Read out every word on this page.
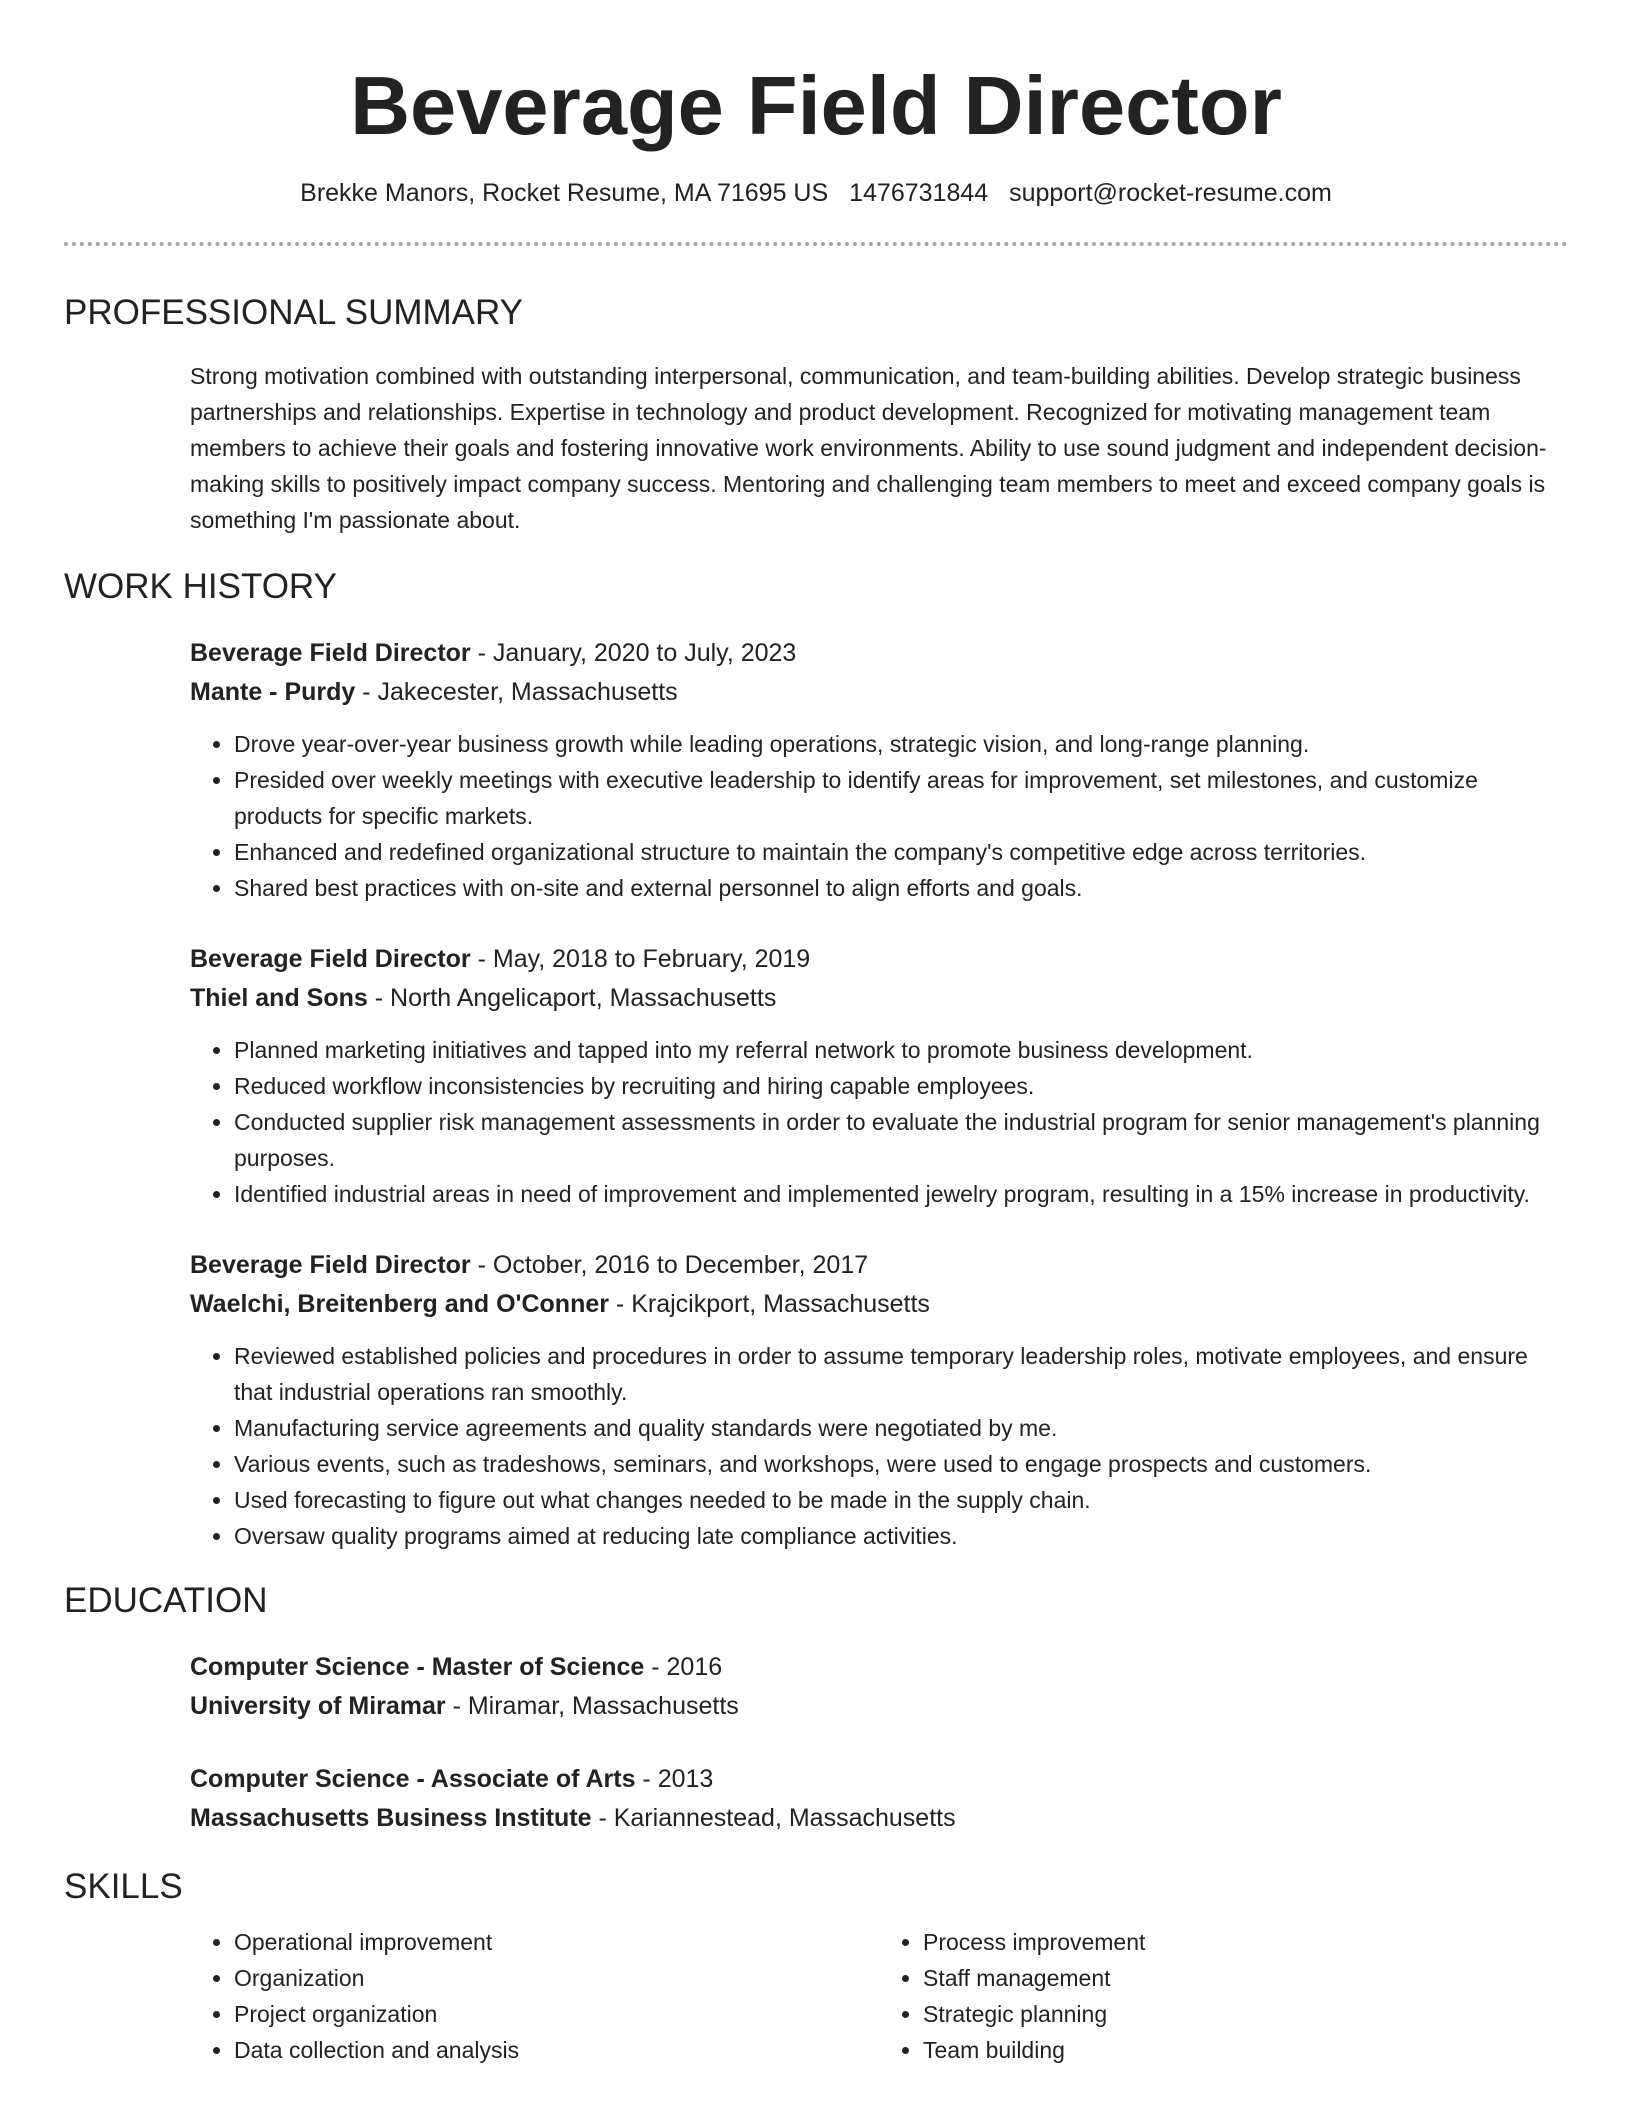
Beverage Field Director
Brekke Manors, Rocket Resume, MA 71695 US 1476731844 support@rocket-resume.com
PROFESSIONAL SUMMARY
Strong motivation combined with outstanding interpersonal, communication, and team-building abilities. Develop strategic business partnerships and relationships. Expertise in technology and product development. Recognized for motivating management team members to achieve their goals and fostering innovative work environments. Ability to use sound judgment and independent decision-making skills to positively impact company success. Mentoring and challenging team members to meet and exceed company goals is something I'm passionate about.
WORK HISTORY
Beverage Field Director - January, 2020 to July, 2023
Mante - Purdy - Jakecester, Massachusetts
• Drove year-over-year business growth while leading operations, strategic vision, and long-range planning.
• Presided over weekly meetings with executive leadership to identify areas for improvement, set milestones, and customize products for specific markets.
• Enhanced and redefined organizational structure to maintain the company's competitive edge across territories.
• Shared best practices with on-site and external personnel to align efforts and goals.
Beverage Field Director - May, 2018 to February, 2019
Thiel and Sons - North Angelicaport, Massachusetts
• Planned marketing initiatives and tapped into my referral network to promote business development.
• Reduced workflow inconsistencies by recruiting and hiring capable employees.
• Conducted supplier risk management assessments in order to evaluate the industrial program for senior management's planning purposes.
• Identified industrial areas in need of improvement and implemented jewelry program, resulting in a 15% increase in productivity.
Beverage Field Director - October, 2016 to December, 2017
Waelchi, Breitenberg and O'Conner - Krajcikport, Massachusetts
• Reviewed established policies and procedures in order to assume temporary leadership roles, motivate employees, and ensure that industrial operations ran smoothly.
• Manufacturing service agreements and quality standards were negotiated by me.
• Various events, such as tradeshows, seminars, and workshops, were used to engage prospects and customers.
• Used forecasting to figure out what changes needed to be made in the supply chain.
• Oversaw quality programs aimed at reducing late compliance activities.
EDUCATION
Computer Science - Master of Science - 2016
University of Miramar - Miramar, Massachusetts
Computer Science - Associate of Arts - 2013
Massachusetts Business Institute - Kariannestead, Massachusetts
SKILLS
• Operational improvement
• Organization
• Project organization
• Data collection and analysis
• Process improvement
• Staff management
• Strategic planning
• Team building
